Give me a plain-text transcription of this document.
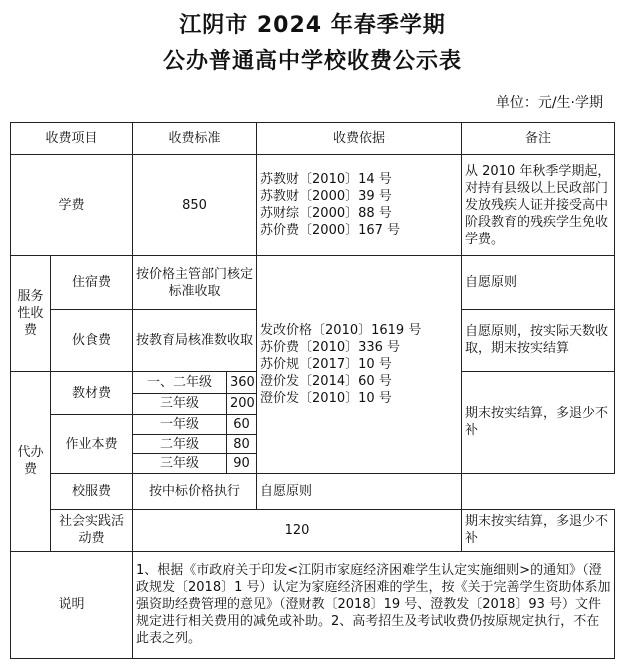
江阴市 2024 年春季学期
公办普通高中学校收费公示表
单位：元/生·学期
收费项目		收费标准		收费依据	备注
学费		850		苏教财〔2010〕14 号
苏教财〔2000〕39 号
苏财综〔2000〕88 号
苏价费〔2000〕167 号	从 2010 年秋季学期起，对持有县级以上民政部门发放残疾人证并接受高中阶段教育的残疾学生免收学费。
服务性收费	住宿费	按价格主管部门核定标准收取		发改价格〔2010〕1619 号
苏价费〔2010〕336 号
苏价规〔2017〕10 号
澄价发〔2014〕60 号
澄价发〔2010〕10 号	自愿原则
	伙食费	按教育局核准数收取			自愿原则，按实际天数收取，期末按实结算
代办费	教材费	一、二年级	360		期末按实结算，多退少不补
		三年级	200		
	作业本费	一年级	60		
		二年级	80		
		三年级	90		
	校服费	按中标价格执行		自愿原则	
	社会实践活动费	120			期末按实结算，多退少不补
说明		1、根据《市政府关于印发<江阴市家庭经济困难学生认定实施细则>的通知》（澄政规发〔2018〕1 号）认定为家庭经济困难的学生，按《关于完善学生资助体系加强资助经费管理的意见》（澄财教〔2018〕19 号、澄教发〔2018〕93 号）文件规定进行相关费用的减免或补助。2、高考招生及考试收费仍按原规定执行，不在此表之列。			
